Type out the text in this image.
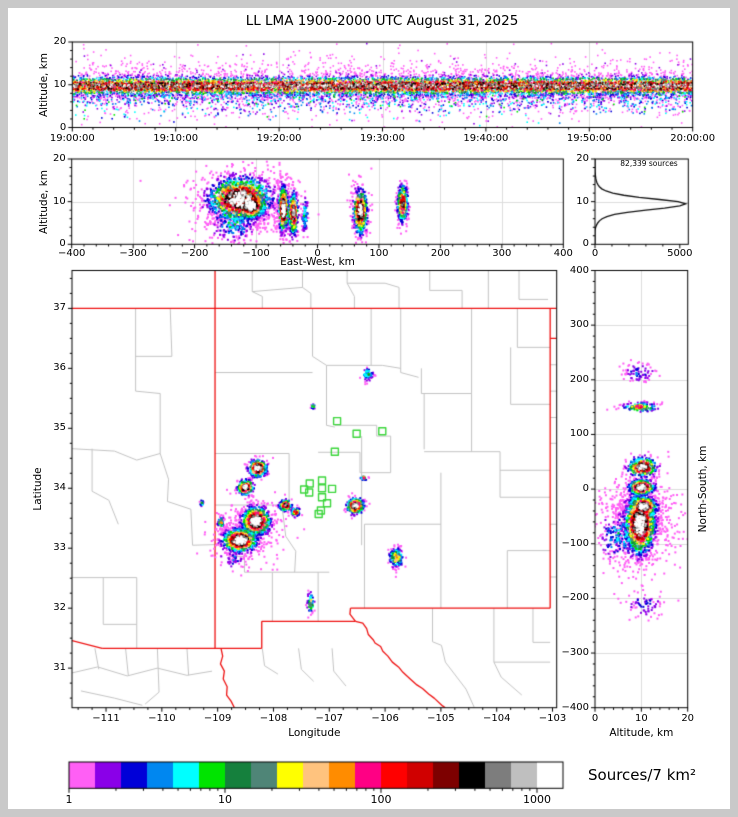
LL LMA 1900-2000 UTC August 31, 2025
82,339 sources
Sources/7 km²
19:00:00	19:10:00	19:20:00	19:30:00	19:40:00	19:50:00	20:00:00
0
10
20
Altitude, km
−400	−300	−200	−100	0	100	200	300	400
0
10
20
East-West, km
Altitude, km
0	5000
0
10
20
−111	−110	−109	−108	−107	−106	−105	−104	−103
31
32
33
34
35
36
37
Longitude
Latitude
0	10	20
400
300
200
100
0
−100
−200
−300
−400
Altitude, km
North-South, km
1	10	100	1000
